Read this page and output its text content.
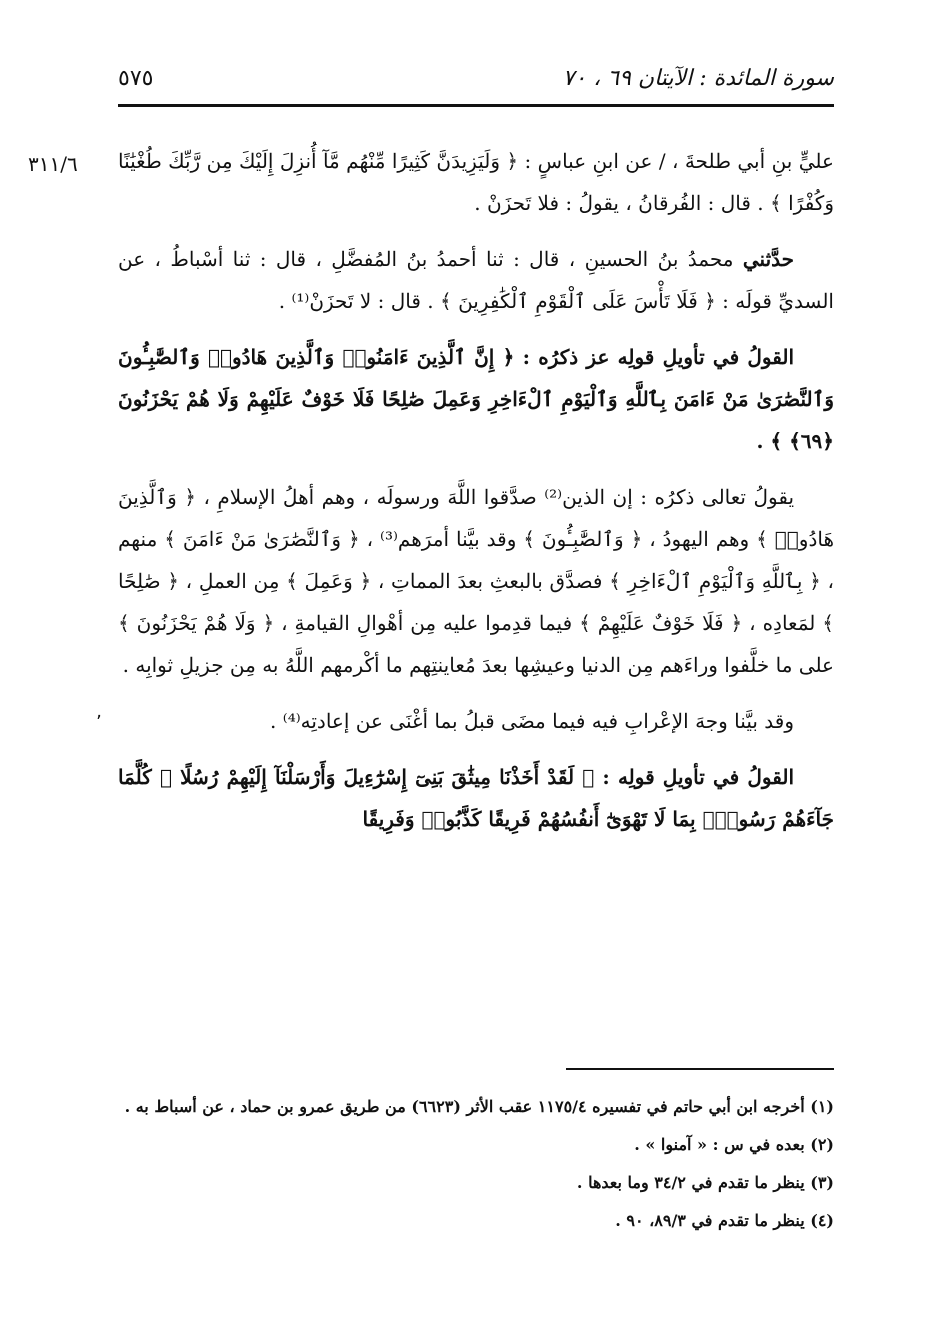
سورة المائدة : الآيتان ٦٩ ، ٧٠
٥٧٥
٣١١/٦
٬

عليٍّ بنِ أبي طلحةَ ، / عن ابنِ عباسٍ : ﴿ وَلَيَزِيدَنَّ كَثِيرًا مِّنْهُم مَّآ أُنزِلَ إِلَيْكَ مِن رَّبِّكَ طُغْيَٰنًا وَكُفْرًا ﴾ . قال : الفُرقانُ ، يقولُ : فلا تَحزَنْ .

حدَّثني محمدُ بنُ الحسينِ ، قال : ثنا أحمدُ بنُ المُفضَّلِ ، قال : ثنا أسْباطُ ، عن السديِّ قولَه : ﴿ فَلَا تَأْسَ عَلَى ٱلْقَوْمِ ٱلْكَٰفِرِينَ ﴾ . قال : لا تَحزَنْ⁽¹⁾ .

القولُ في تأويلِ قولِه عز ذكرُه : ﴿ إِنَّ ٱلَّذِينَ ءَامَنُوا۟ وَٱلَّذِينَ هَادُوا۟ وَٱلصَّٰبِـُٔونَ وَٱلنَّصَٰرَىٰ مَنْ ءَامَنَ بِٱللَّهِ وَٱلْيَوْمِ ٱلْءَاخِرِ وَعَمِلَ صَٰلِحًا فَلَا خَوْفٌ عَلَيْهِمْ وَلَا هُمْ يَحْزَنُونَ ﴿٦٩﴾ ﴾ .

يقولُ تعالى ذكرُه : إن الذين⁽²⁾ صدَّقوا اللَّهَ ورسولَه ، وهم أهلُ الإسلامِ ، ﴿ وَٱلَّذِينَ هَادُوا۟ ﴾ وهم اليهودُ ، ﴿ وَٱلصَّٰبِـُٔونَ ﴾ وقد بيَّنا أمرَهم⁽³⁾ ، ﴿ وَٱلنَّصَٰرَىٰ مَنْ ءَامَنَ ﴾ منهم ، ﴿ بِٱللَّهِ وَٱلْيَوْمِ ٱلْءَاخِرِ ﴾ فصدَّق بالبعثِ بعدَ المماتِ ، ﴿ وَعَمِلَ ﴾ مِن العملِ ، ﴿ صَٰلِحًا ﴾ لمَعادِه ، ﴿ فَلَا خَوْفٌ عَلَيْهِمْ ﴾ فيما قدِموا عليه مِن أهْوالِ القيامةِ ، ﴿ وَلَا هُمْ يَحْزَنُونَ ﴾ على ما خلَّفوا وراءَهم مِن الدنيا وعيشِها بعدَ مُعاينتِهم ما أكْرمهم اللَّهُ به مِن جزيلِ ثوابِه .

وقد بيَّنا وجهَ الإعْرابِ فيه فيما مضَى قبلُ بما أغْنَى عن إعادتِه⁽⁴⁾ .

القولُ في تأويلِ قولِه : ﴿ لَقَدْ أَخَذْنَا مِيثَٰقَ بَنِىٓ إِسْرَٰٓءِيلَ وَأَرْسَلْنَآ إِلَيْهِمْ رُسُلًا ۖ كُلَّمَا جَآءَهُمْ رَسُولٌۢ بِمَا لَا تَهْوَىٰٓ أَنفُسُهُمْ فَرِيقًا كَذَّبُوا۟ وَفَرِيقًا

(١) أخرجه ابن أبي حاتم في تفسيره ١١٧٥/٤ عقب الأثر (٦٦٢٣) من طريق عمرو بن حماد ، عن أسباط به .

(٢) بعده في س : « آمنوا » .

(٣) ينظر ما تقدم في ٣٤/٢ وما بعدها .

(٤) ينظر ما تقدم في ٨٩/٣، ٩٠ .
